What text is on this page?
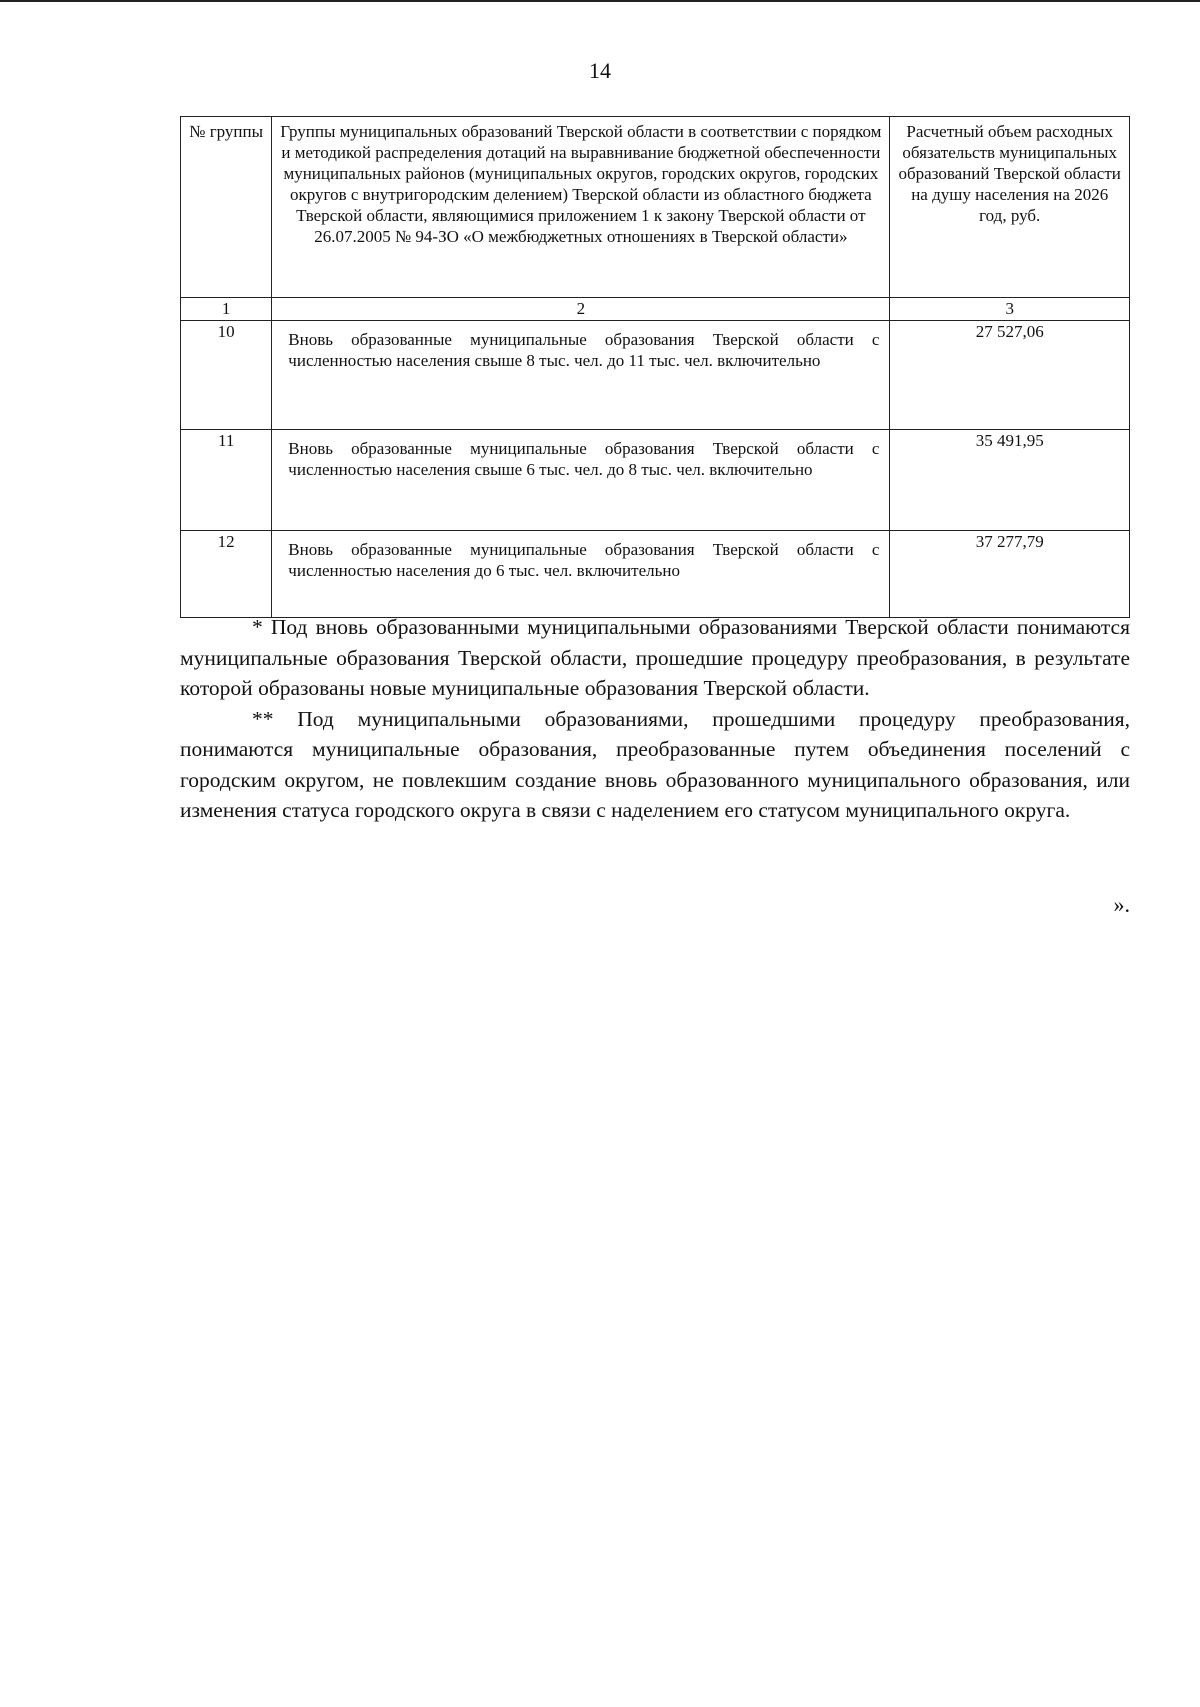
14
№ группы	Группы муниципальных образований Тверской области в соответствии с порядком и методикой распределения дотаций на выравнивание бюджетной обеспеченности муниципальных районов (муниципальных округов, городских округов, городских округов с внутригородским делением) Тверской области из областного бюджета Тверской области, являющимися приложением 1 к закону Тверской области от 26.07.2005 № 94-ЗО «О межбюджетных отношениях в Тверской области»	Расчетный объем расходных обязательств муниципальных образований Тверской области на душу населения на 2026 год, руб.
1	2	3
10	Вновь образованные муниципальные образования Тверской области с численностью населения свыше 8 тыс. чел. до 11 тыс. чел. включительно	27 527,06
11	Вновь образованные муниципальные образования Тверской области с численностью населения свыше 6 тыс. чел. до 8 тыс. чел. включительно	35 491,95
12	Вновь образованные муниципальные образования Тверской области с численностью населения до 6 тыс. чел. включительно	37 277,79

* Под вновь образованными муниципальными образованиями Тверской области понимаются муниципальные образования Тверской области, прошедшие процедуру преобразования, в результате которой образованы новые муниципальные образования Тверской области.

** Под муниципальными образованиями, прошедшими процедуру преобразования, понимаются муниципальные образования, преобразованные путем объединения поселений с городским округом, не повлекшим создание вновь образованного муниципального образования, или изменения статуса городского округа в связи с наделением его статусом муниципального округа.

».
